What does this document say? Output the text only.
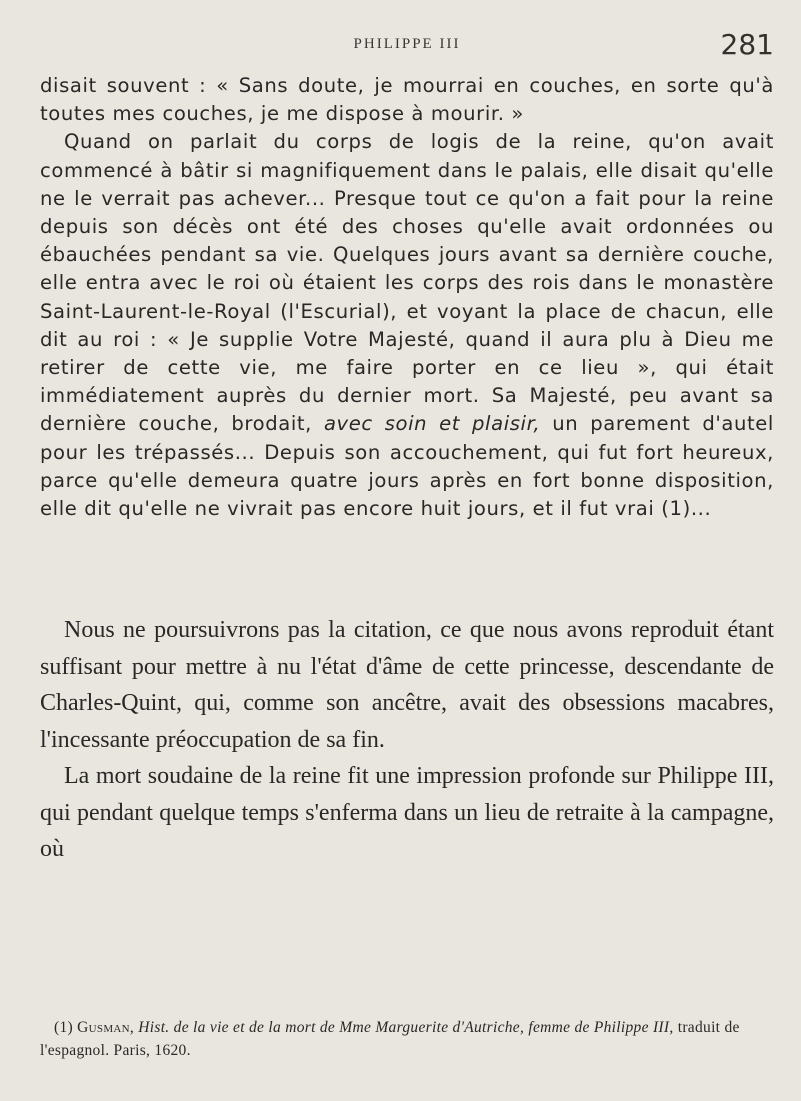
PHILIPPE III	281

disait souvent : « Sans doute, je mourrai en couches, en sorte qu'à toutes mes couches, je me dispose à mourir. »

Quand on parlait du corps de logis de la reine, qu'on avait commencé à bâtir si magnifiquement dans le palais, elle disait qu'elle ne le verrait pas achever... Presque tout ce qu'on a fait pour la reine depuis son décès ont été des choses qu'elle avait ordonnées ou ébauchées pendant sa vie. Quelques jours avant sa dernière couche, elle entra avec le roi où étaient les corps des rois dans le monastère Saint-Laurent-le-Royal (l'Escurial), et voyant la place de chacun, elle dit au roi : « Je supplie Votre Majesté, quand il aura plu à Dieu me retirer de cette vie, me faire porter en ce lieu », qui était immédiatement auprès du dernier mort. Sa Majesté, peu avant sa dernière couche, brodait, avec soin et plaisir, un parement d'autel pour les trépassés... Depuis son accouchement, qui fut fort heureux, parce qu'elle demeura quatre jours après en fort bonne disposition, elle dit qu'elle ne vivrait pas encore huit jours, et il fut vrai (1)...

Nous ne poursuivrons pas la citation, ce que nous avons reproduit étant suffisant pour mettre à nu l'état d'âme de cette princesse, descendante de Charles-Quint, qui, comme son ancêtre, avait des obsessions macabres, l'incessante préoccupation de sa fin.

La mort soudaine de la reine fit une impression profonde sur Philippe III, qui pendant quelque temps s'enferma dans un lieu de retraite à la campagne, où

(1) Gusman, Hist. de la vie et de la mort de Mme Marguerite d'Autriche, femme de Philippe III, traduit de l'espagnol. Paris, 1620.
